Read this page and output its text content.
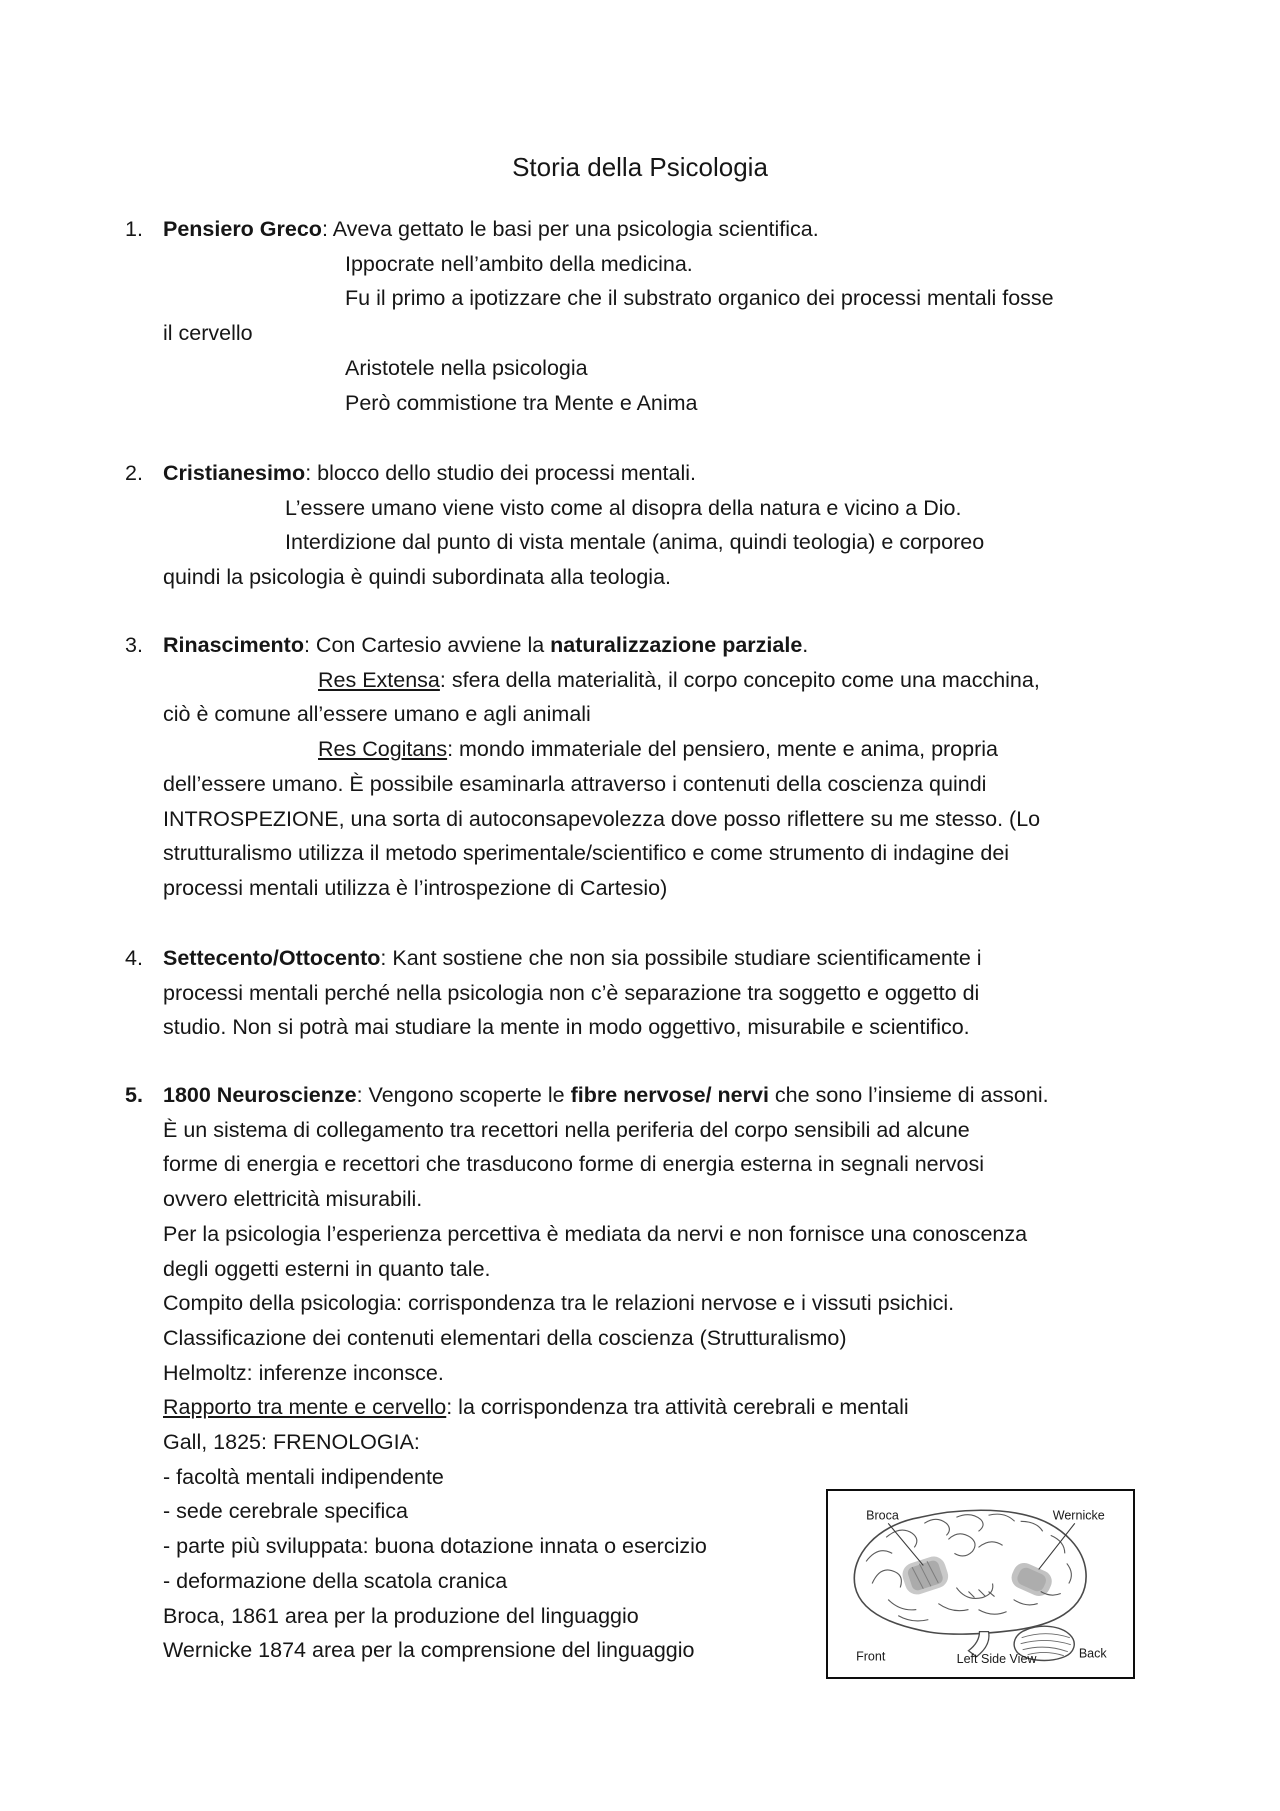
Storia della Psicologia
1. Pensiero Greco: Aveva gettato le basi per una psicologia scientifica.
Ippocrate nell’ambito della medicina.
Fu il primo a ipotizzare che il substrato organico dei processi mentali fosse
il cervello
Aristotele nella psicologia
Però commistione tra Mente e Anima
2. Cristianesimo: blocco dello studio dei processi mentali.
L’essere umano viene visto come al disopra della natura e vicino a Dio.
Interdizione dal punto di vista mentale (anima, quindi teologia) e corporeo
quindi la psicologia è quindi subordinata alla teologia.
3. Rinascimento: Con Cartesio avviene la naturalizzazione parziale.
Res Extensa: sfera della materialità, il corpo concepito come una macchina,
ciò è comune all’essere umano e agli animali
Res Cogitans: mondo immateriale del pensiero, mente e anima, propria
dell’essere umano. È possibile esaminarla attraverso i contenuti della coscienza quindi
INTROSPEZIONE, una sorta di autoconsapevolezza dove posso riflettere su me stesso. (Lo
strutturalismo utilizza il metodo sperimentale/scientifico e come strumento di indagine dei
processi mentali utilizza è l’introspezione di Cartesio)
4. Settecento/Ottocento: Kant sostiene che non sia possibile studiare scientificamente i
processi mentali perché nella psicologia non c’è separazione tra soggetto e oggetto di
studio. Non si potrà mai studiare la mente in modo oggettivo, misurabile e scientifico.
5. 1800 Neuroscienze: Vengono scoperte le fibre nervose/ nervi che sono l’insieme di assoni.
È un sistema di collegamento tra recettori nella periferia del corpo sensibili ad alcune
forme di energia e recettori che trasducono forme di energia esterna in segnali nervosi
ovvero elettricità misurabili.
Per la psicologia l’esperienza percettiva è mediata da nervi e non fornisce una conoscenza
degli oggetti esterni in quanto tale.
Compito della psicologia: corrispondenza tra le relazioni nervose e i vissuti psichici.
Classificazione dei contenuti elementari della coscienza (Strutturalismo)
Helmoltz: inferenze inconsce.
Rapporto tra mente e cervello: la corrispondenza tra attività cerebrali e mentali
Gall, 1825: FRENOLOGIA:
- facoltà mentali indipendente
- sede cerebrale specifica
- parte più sviluppata: buona dotazione innata o esercizio
- deformazione della scatola cranica
Broca, 1861 area per la produzione del linguaggio
Wernicke 1874 area per la comprensione del linguaggio
Broca	Wernicke
Front	Left Side View	Back
